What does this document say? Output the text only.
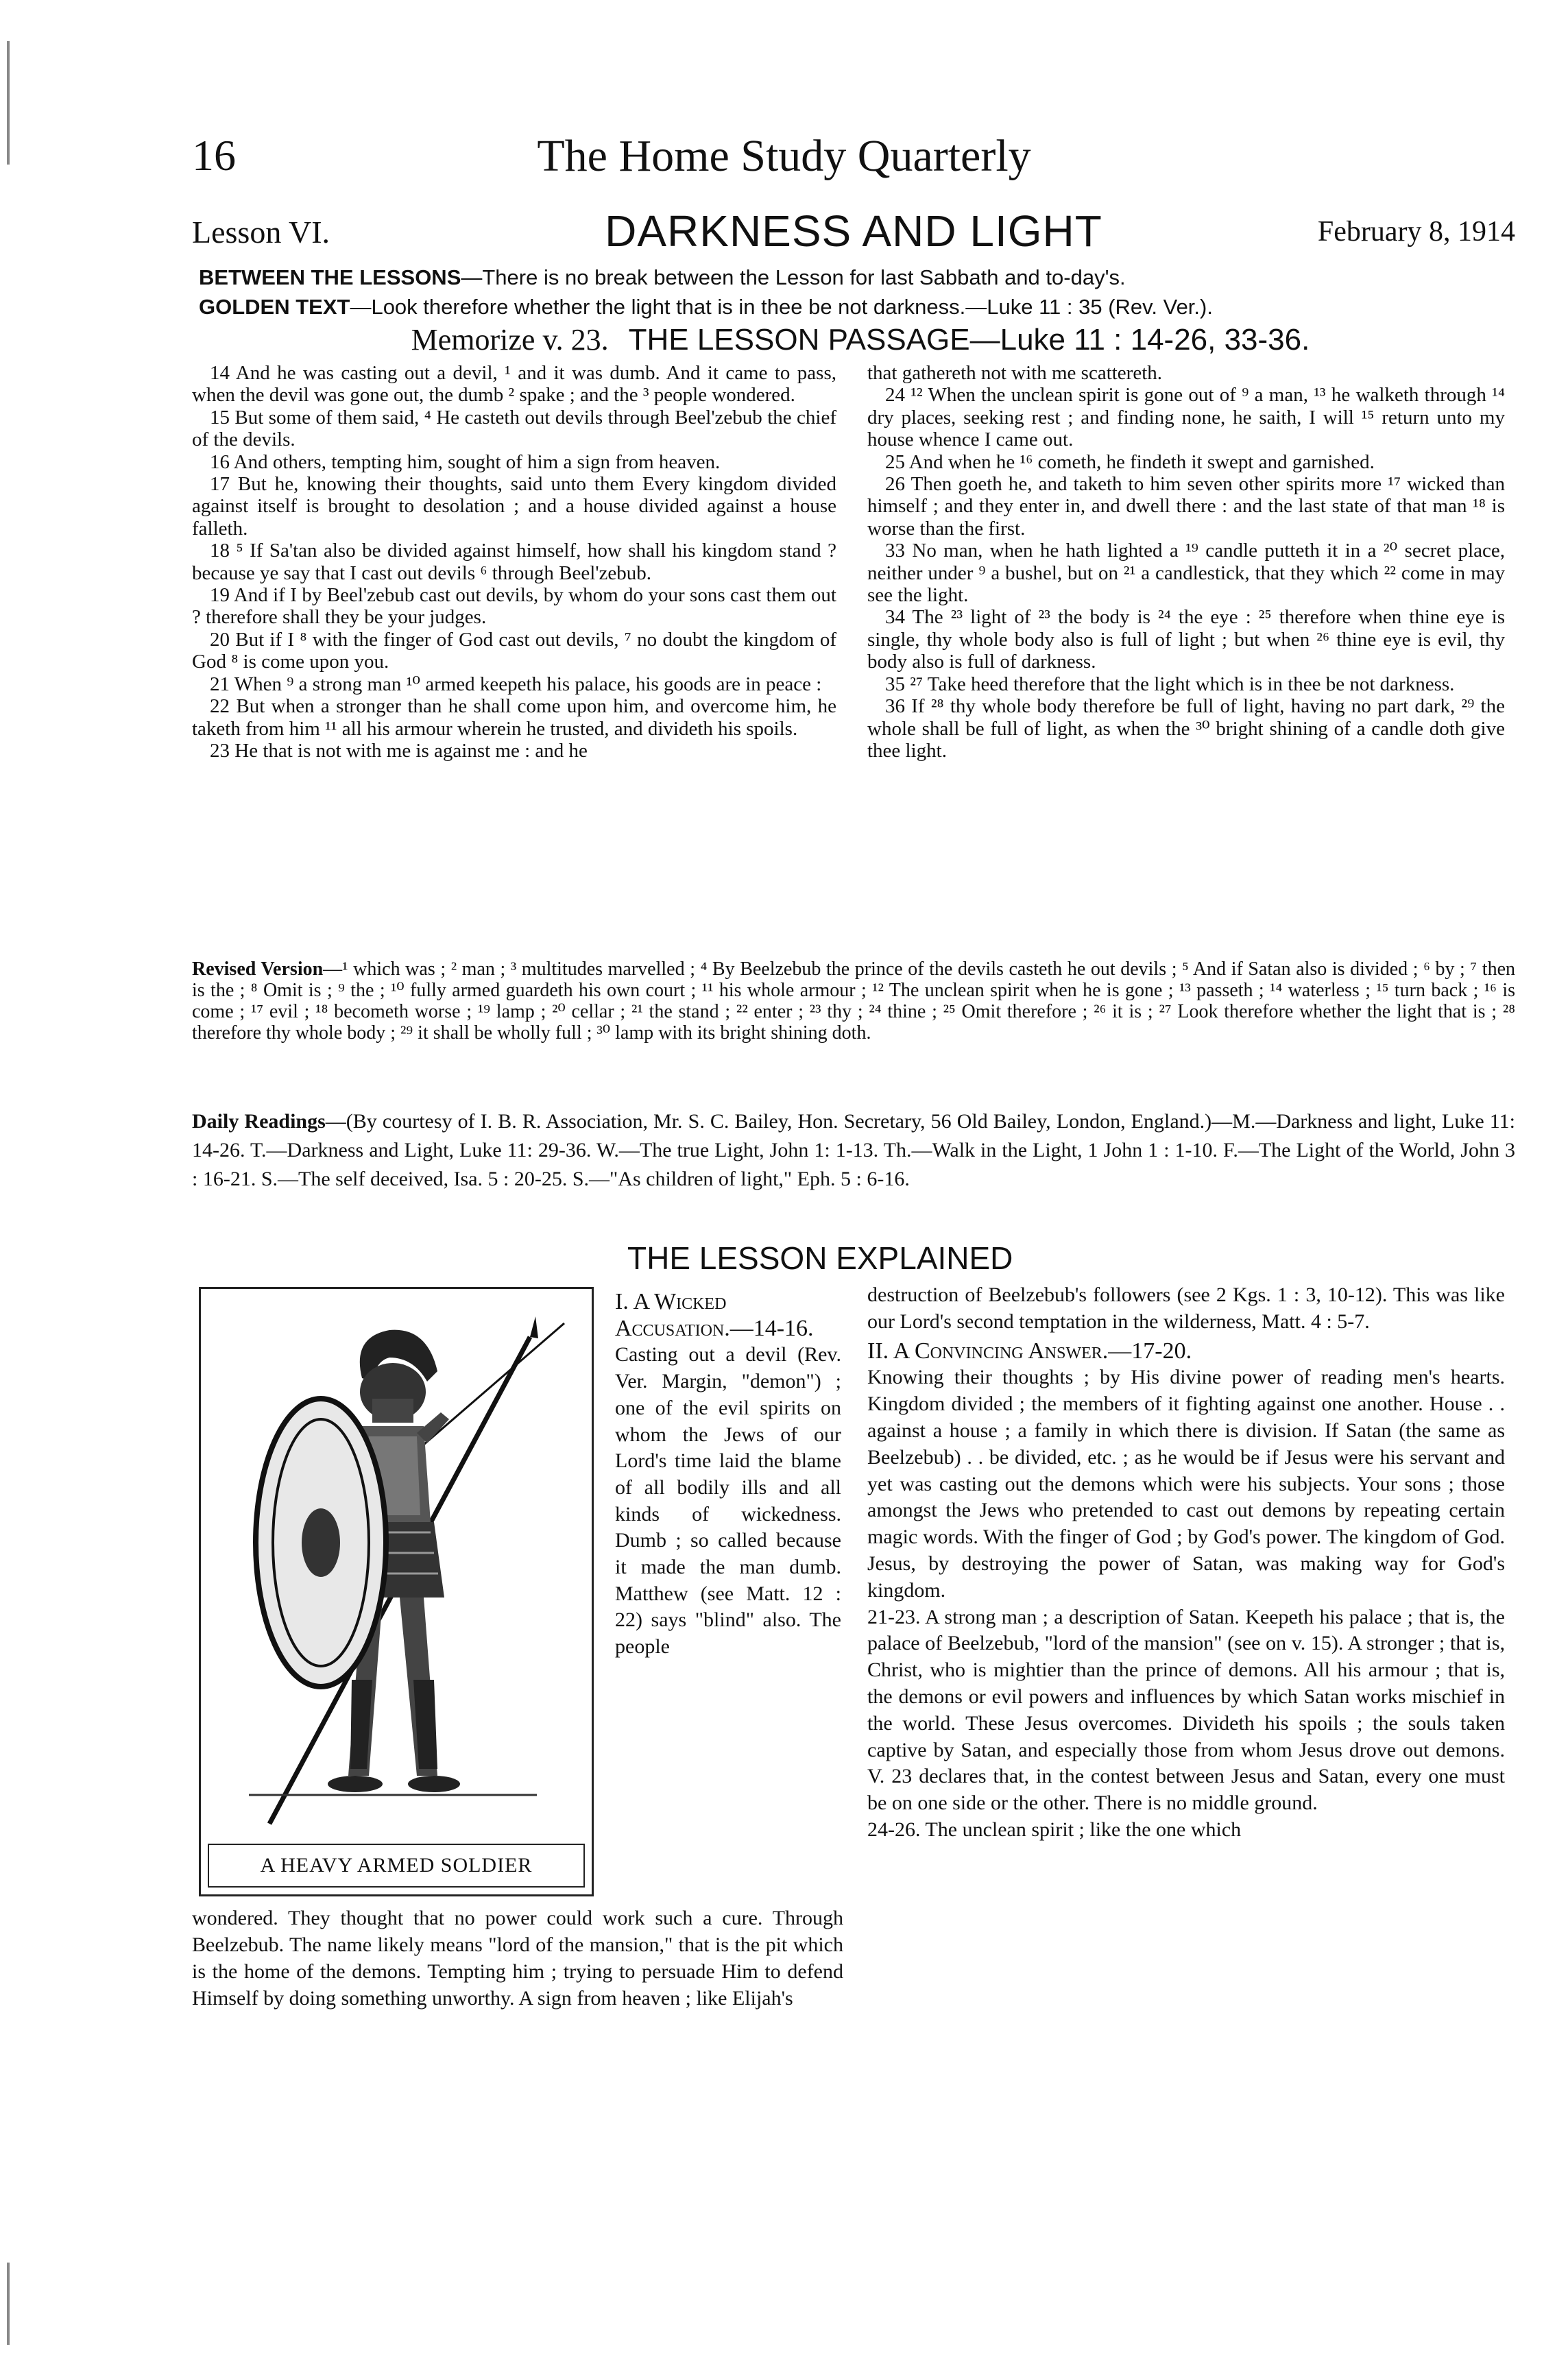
16	The Home Study Quarterly
Lesson VI.	DARKNESS AND LIGHT	February 8, 1914
BETWEEN THE LESSONS—There is no break between the Lesson for last Sabbath and to-day's.
GOLDEN TEXT—Look therefore whether the light that is in thee be not darkness.—Luke 11 : 35 (Rev. Ver.).
Memorize v. 23. THE LESSON PASSAGE—Luke 11 : 14-26, 33-36.

14 And he was casting out a devil, ¹ and it was dumb. And it came to pass, when the devil was gone out, the dumb ² spake ; and the ³ people wondered.

15 But some of them said, ⁴ He casteth out devils through Beel'zebub the chief of the devils.

16 And others, tempting him, sought of him a sign from heaven.

17 But he, knowing their thoughts, said unto them Every kingdom divided against itself is brought to desolation ; and a house divided against a house falleth.

18 ⁵ If Sa'tan also be divided against himself, how shall his kingdom stand ? because ye say that I cast out devils ⁶ through Beel'zebub.

19 And if I by Beel'zebub cast out devils, by whom do your sons cast them out ? therefore shall they be your judges.

20 But if I ⁸ with the finger of God cast out devils, ⁷ no doubt the kingdom of God ⁸ is come upon you.

21 When ⁹ a strong man ¹⁰ armed keepeth his palace, his goods are in peace :

22 But when a stronger than he shall come upon him, and overcome him, he taketh from him ¹¹ all his armour wherein he trusted, and divideth his spoils.

23 He that is not with me is against me : and he

that gathereth not with me scattereth.

24 ¹² When the unclean spirit is gone out of ⁹ a man, ¹³ he walketh through ¹⁴ dry places, seeking rest ; and finding none, he saith, I will ¹⁵ return unto my house whence I came out.

25 And when he ¹⁶ cometh, he findeth it swept and garnished.

26 Then goeth he, and taketh to him seven other spirits more ¹⁷ wicked than himself ; and they enter in, and dwell there : and the last state of that man ¹⁸ is worse than the first.

33 No man, when he hath lighted a ¹⁹ candle putteth it in a ²⁰ secret place, neither under ⁹ a bushel, but on ²¹ a candlestick, that they which ²² come in may see the light.

34 The ²³ light of ²³ the body is ²⁴ the eye : ²⁵ therefore when thine eye is single, thy whole body also is full of light ; but when ²⁶ thine eye is evil, thy body also is full of darkness.

35 ²⁷ Take heed therefore that the light which is in thee be not darkness.

36 If ²⁸ thy whole body therefore be full of light, having no part dark, ²⁹ the whole shall be full of light, as when the ³⁰ bright shining of a candle doth give thee light.

Revised Version—¹ which was ; ² man ; ³ multitudes marvelled ; ⁴ By Beelzebub the prince of the devils casteth he out devils ; ⁵ And if Satan also is divided ; ⁶ by ; ⁷ then is the ; ⁸ Omit is ; ⁹ the ; ¹⁰ fully armed guardeth his own court ; ¹¹ his whole armour ; ¹² The unclean spirit when he is gone ; ¹³ passeth ; ¹⁴ waterless ; ¹⁵ turn back ; ¹⁶ is come ; ¹⁷ evil ; ¹⁸ becometh worse ; ¹⁹ lamp ; ²⁰ cellar ; ²¹ the stand ; ²² enter ; ²³ thy ; ²⁴ thine ; ²⁵ Omit therefore ; ²⁶ it is ; ²⁷ Look therefore whether the light that is ; ²⁸ therefore thy whole body ; ²⁹ it shall be wholly full ; ³⁰ lamp with its bright shining doth.
Daily Readings—(By courtesy of I. B. R. Association, Mr. S. C. Bailey, Hon. Secretary, 56 Old Bailey, London, England.)—M.—Darkness and light, Luke 11: 14-26. T.—Darkness and Light, Luke 11: 29-36. W.—The true Light, John 1: 1-13. Th.—Walk in the Light, 1 John 1 : 1-10. F.—The Light of the World, John 3 : 16-21. S.—The self deceived, Isa. 5 : 20-25. S.—"As children of light," Eph. 5 : 6-16.
THE LESSON EXPLAINED
A HEAVY ARMED SOLDIER
I. A Wicked Accusation.—14-16.
Casting out a devil (Rev. Ver. Margin, "demon") ; one of the evil spirits on whom the Jews of our Lord's time laid the blame of all bodily ills and all kinds of wickedness. Dumb ; so called because it made the man dumb. Matthew (see Matt. 12 : 22) says "blind" also. The people
wondered. They thought that no power could work such a cure. Through Beelzebub. The name likely means "lord of the mansion," that is the pit which is the home of the demons. Tempting him ; trying to persuade Him to defend Himself by doing something unworthy. A sign from heaven ; like Elijah's
destruction of Beelzebub's followers (see 2 Kgs. 1 : 3, 10-12). This was like our Lord's second temptation in the wilderness, Matt. 4 : 5-7.
II. A Convincing Answer.—17-20.
Knowing their thoughts ; by His divine power of reading men's hearts. Kingdom divided ; the members of it fighting against one another. House . . against a house ; a family in which there is division. If Satan (the same as Beelzebub) . . be divided, etc. ; as he would be if Jesus were his servant and yet was casting out the demons which were his subjects. Your sons ; those amongst the Jews who pretended to cast out demons by repeating certain magic words. With the finger of God ; by God's power. The kingdom of God. Jesus, by destroying the power of Satan, was making way for God's kingdom.
21-23. A strong man ; a description of Satan. Keepeth his palace ; that is, the palace of Beelzebub, "lord of the mansion" (see on v. 15). A stronger ; that is, Christ, who is mightier than the prince of demons. All his armour ; that is, the demons or evil powers and influences by which Satan works mischief in the world. These Jesus overcomes. Divideth his spoils ; the souls taken captive by Satan, and especially those from whom Jesus drove out demons. V. 23 declares that, in the contest between Jesus and Satan, every one must be on one side or the other. There is no middle ground.
24-26. The unclean spirit ; like the one which
